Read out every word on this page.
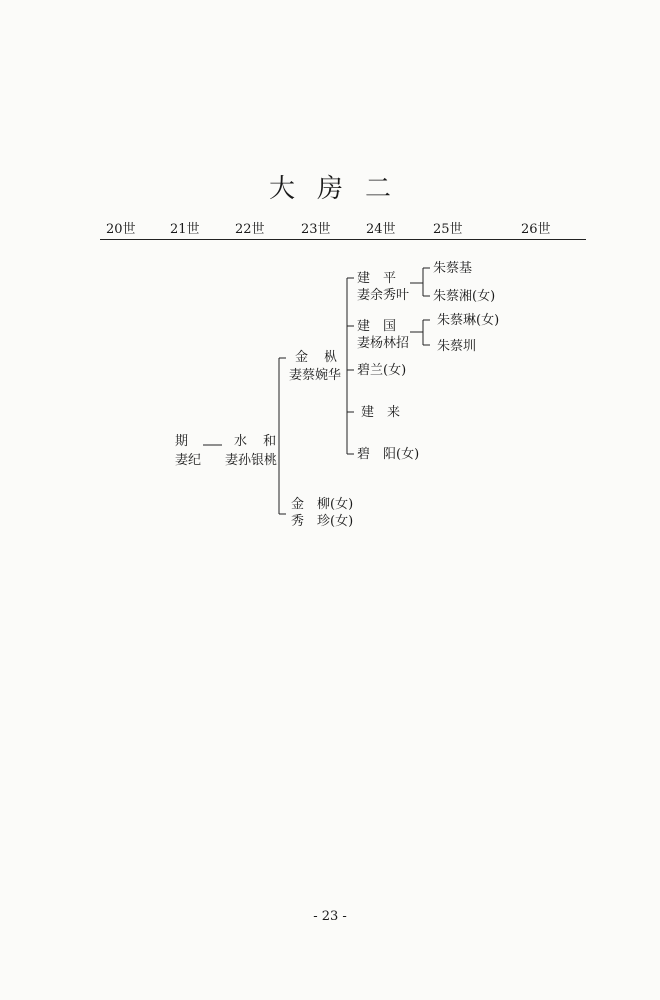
大房二
20世	21世	22世	23世	24世	25世	26世
期
妻纪
水 和
妻孙银桃
金 枞
妻蔡婉华
金　柳(女)
秀　珍(女)
建　平
妻余秀叶
建　国
妻杨林招
碧兰(女)
建　来
碧　阳(女)
朱蔡基
朱蔡湘(女)
朱蔡琳(女)
朱蔡圳
- 23 -
